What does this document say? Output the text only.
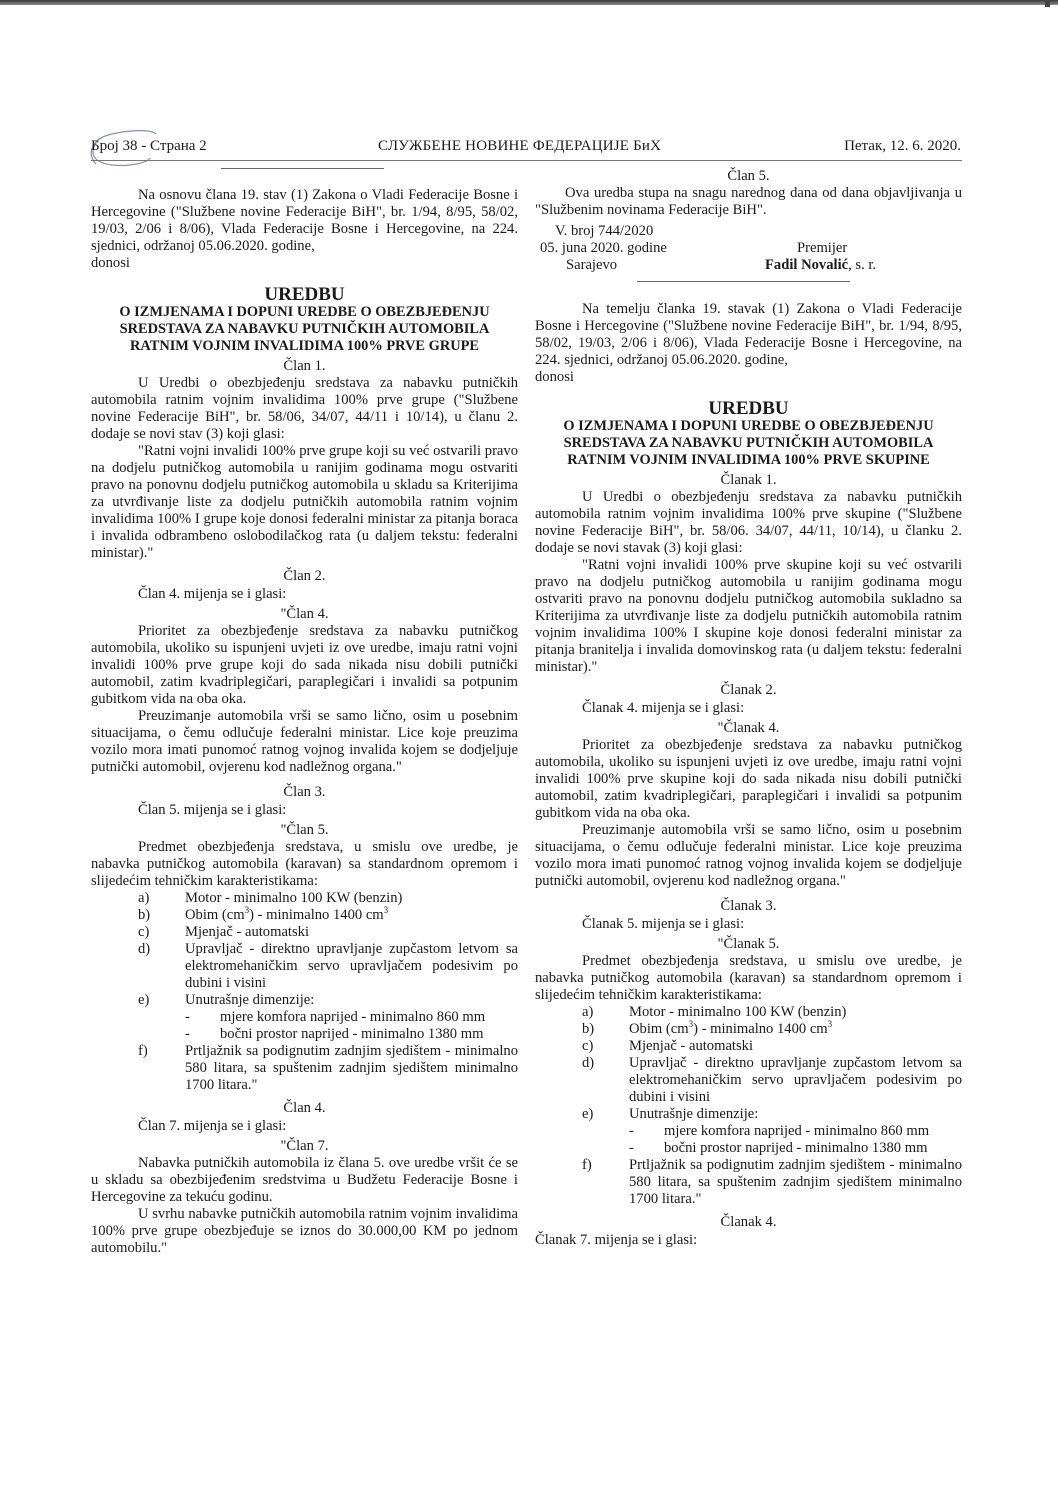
Број 38 - Страна 2	СЛУЖБЕНЕ НОВИНЕ ФЕДЕРАЦИЈЕ БиХ	Петак, 12. 6. 2020.

Na osnovu člana 19. stav (1) Zakona o Vladi Federacije Bosne i Hercegovine ("Službene novine Federacije BiH", br. 1/94, 8/95, 58/02, 19/03, 2/06 i 8/06), Vlada Federacije Bosne i Hercegovine, na 224. sjednici, održanoj 05.06.2020. godine,

donosi

UREDBU
O IZMJENAMA I DOPUNI UREDBE O OBEZBJEĐENJU SREDSTAVA ZA NABAVKU PUTNIČKIH AUTOMOBILA RATNIM VOJNIM INVALIDIMA 100% PRVE GRUPE
Član 1.

U Uredbi o obezbjeđenju sredstava za nabavku putničkih automobila ratnim vojnim invalidima 100% prve grupe ("Službene novine Federacije BiH", br. 58/06, 34/07, 44/11 i 10/14), u članu 2. dodaje se novi stav (3) koji glasi:

"Ratni vojni invalidi 100% prve grupe koji su već ostvarili pravo na dodjelu putničkog automobila u ranijim godinama mogu ostvariti pravo na ponovnu dodjelu putničkog automobila u skladu sa Kriterijima za utvrđivanje liste za dodjelu putničkih automobila ratnim vojnim invalidima 100% I grupe koje donosi federalni ministar za pitanja boraca i invalida odbrambeno oslobodilačkog rata (u daljem tekstu: federalni ministar)."

Član 2.

Član 4. mijenja se i glasi:

"Član 4.

Prioritet za obezbjeđenje sredstava za nabavku putničkog automobila, ukoliko su ispunjeni uvjeti iz ove uredbe, imaju ratni vojni invalidi 100% prve grupe koji do sada nikada nisu dobili putnički automobil, zatim kvadriplegičari, paraplegičari i invalidi sa potpunim gubitkom vida na oba oka.

Preuzimanje automobila vrši se samo lično, osim u posebnim situacijama, o čemu odlučuje federalni ministar. Lice koje preuzima vozilo mora imati punomoć ratnog vojnog invalida kojem se dodjeljuje putnički automobil, ovjerenu kod nadležnog organa."

Član 3.

Član 5. mijenja se i glasi:

"Član 5.

Predmet obezbjeđenja sredstava, u smislu ove uredbe, je nabavka putničkog automobila (karavan) sa standardnom opremom i slijedećim tehničkim karakteristikama:

a)	Motor - minimalno 100 KW (benzin)
b)	Obim $(cm^3)$ - minimalno 1400 $cm^3$
c)	Mjenjač - automatski
d)	Upravljač - direktno upravljanje zupčastom letvom sa elektromehaničkim servo upravljačem podesivim po dubini i visini
e)	Unutrašnje dimenzije:
-	mjere komfora naprijed - minimalno 860 mm
-	bočni prostor naprijed - minimalno 1380 mm
f)	Prtljažnik sa podignutim zadnjim sjedištem - minimalno 580 litara, sa spuštenim zadnjim sjedištem minimalno 1700 litara."
Član 4.

Član 7. mijenja se i glasi:

"Član 7.

Nabavka putničkih automobila iz člana 5. ove uredbe vršit će se u skladu sa obezbijeđenim sredstvima u Budžetu Federacije Bosne i Hercegovine za tekuću godinu.

U svrhu nabavke putničkih automobila ratnim vojnim invalidima 100% prve grupe obezbjeđuje se iznos do 30.000,00 KM po jednom automobilu."

Član 5.

Ova uredba stupa na snagu narednog dana od dana objavljivanja u "Službenim novinama Federacije BiH".

V. broj 744/2020
05. juna 2020. godine
Sarajevo
Premijer
Fadil Novalić, s. r.

Na temelju članka 19. stavak (1) Zakona o Vladi Federacije Bosne i Hercegovine ("Službene novine Federacije BiH", br. 1/94, 8/95, 58/02, 19/03, 2/06 i 8/06), Vlada Federacije Bosne i Hercegovine, na 224. sjednici, održanoj 05.06.2020. godine,

donosi

UREDBU
O IZMJENAMA I DOPUNI UREDBE O OBEZBJEĐENJU SREDSTAVA ZA NABAVKU PUTNIČKIH AUTOMOBILA RATNIM VOJNIM INVALIDIMA 100% PRVE SKUPINE
Članak 1.

U Uredbi o obezbjeđenju sredstava za nabavku putničkih automobila ratnim vojnim invalidima 100% prve skupine ("Službene novine Federacije BiH", br. 58/06. 34/07, 44/11, 10/14), u članku 2. dodaje se novi stavak (3) koji glasi:

"Ratni vojni invalidi 100% prve skupine koji su već ostvarili pravo na dodjelu putničkog automobila u ranijim godinama mogu ostvariti pravo na ponovnu dodjelu putničkog automobila sukladno sa Kriterijima za utvrđivanje liste za dodjelu putničkih automobila ratnim vojnim invalidima 100% I skupine koje donosi federalni ministar za pitanja branitelja i invalida domovinskog rata (u daljem tekstu: federalni ministar)."

Članak 2.

Članak 4. mijenja se i glasi:

"Članak 4.

Prioritet za obezbjeđenje sredstava za nabavku putničkog automobila, ukoliko su ispunjeni uvjeti iz ove uredbe, imaju ratni vojni invalidi 100% prve skupine koji do sada nikada nisu dobili putnički automobil, zatim kvadriplegičari, paraplegičari i invalidi sa potpunim gubitkom vida na oba oka.

Preuzimanje automobila vrši se samo lično, osim u posebnim situacijama, o čemu odlučuje federalni ministar. Lice koje preuzima vozilo mora imati punomoć ratnog vojnog invalida kojem se dodjeljuje putnički automobil, ovjerenu kod nadležnog organa."

Članak 3.

Članak 5. mijenja se i glasi:

"Članak 5.

Predmet obezbjeđenja sredstava, u smislu ove uredbe, je nabavka putničkog automobila (karavan) sa standardnom opremom i slijedećim tehničkim karakteristikama:

a)	Motor - minimalno 100 KW (benzin)
b)	Obim $(cm^3)$ - minimalno 1400 $cm^3$
c)	Mjenjač - automatski
d)	Upravljač - direktno upravljanje zupčastom letvom sa elektromehaničkim servo upravljačem podesivim po dubini i visini
e)	Unutrašnje dimenzije:
-	mjere komfora naprijed - minimalno 860 mm
-	bočni prostor naprijed - minimalno 1380 mm
f)	Prtljažnik sa podignutim zadnjim sjedištem - minimalno 580 litara, sa spuštenim zadnjim sjedištem minimalno 1700 litara."
Članak 4.

Članak 7. mijenja se i glasi:
